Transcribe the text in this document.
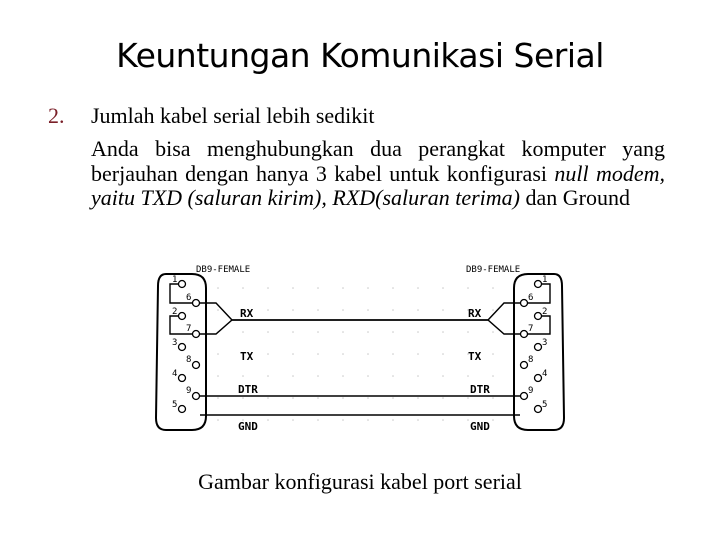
Keuntungan Komunikasi Serial
2. Jumlah kabel serial lebih sedikit
Anda bisa menghubungkan dua perangkat komputer yang berjauhan dengan hanya 3 kabel untuk konfigurasi null modem, yaitu TXD (saluran kirim), RXD(saluran terima) dan Ground
DB9-FEMALE	DB9-FEMALE
1
6
2
7
3
8
4
9
5
1
6
2
7
3
8
4
9
5
RX	RX
TX	TX
DTR	DTR
GND	GND
Gambar konfigurasi kabel port serial
